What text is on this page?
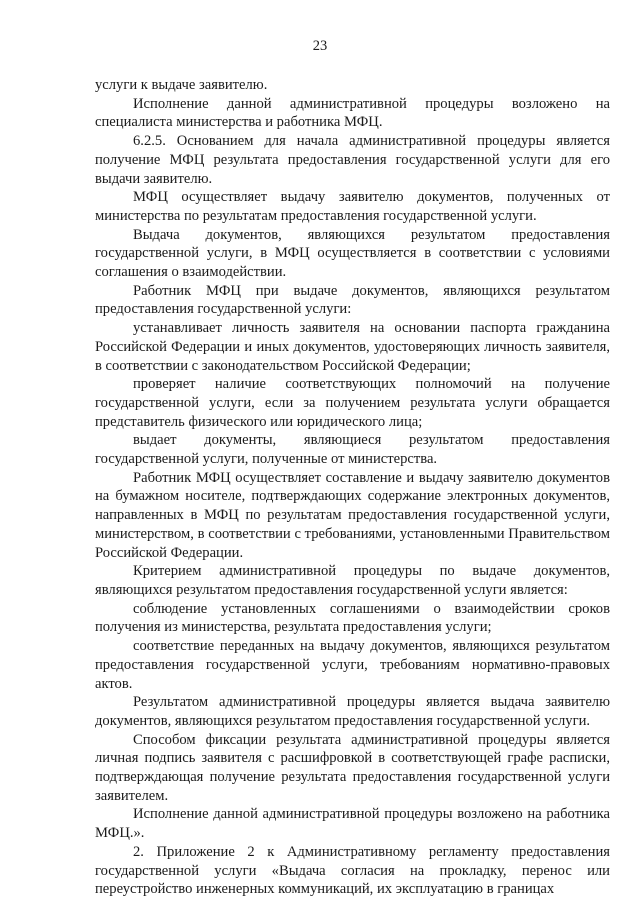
23

услуги к выдаче заявителю.

Исполнение данной административной процедуры возложено на специалиста министерства и работника МФЦ.

6.2.5. Основанием для начала административной процедуры является получение МФЦ результата предоставления государственной услуги для его выдачи заявителю.

МФЦ осуществляет выдачу заявителю документов, полученных от министерства по результатам предоставления государственной услуги.

Выдача документов, являющихся результатом предоставления государственной услуги, в МФЦ осуществляется в соответствии с условиями соглашения о взаимодействии.

Работник МФЦ при выдаче документов, являющихся результатом предоставления государственной услуги:

устанавливает личность заявителя на основании паспорта гражданина Российской Федерации и иных документов, удостоверяющих личность заявителя, в соответствии с законодательством Российской Федерации;

проверяет наличие соответствующих полномочий на получение государственной услуги, если за получением результата услуги обращается представитель физического или юридического лица;

выдает документы, являющиеся результатом предоставления государственной услуги, полученные от министерства.

Работник МФЦ осуществляет составление и выдачу заявителю документов на бумажном носителе, подтверждающих содержание электронных документов, направленных в МФЦ по результатам предоставления государственной услуги, министерством, в соответствии с требованиями, установленными Правительством Российской Федерации.

Критерием административной процедуры по выдаче документов, являющихся результатом предоставления государственной услуги является:

соблюдение установленных соглашениями о взаимодействии сроков получения из министерства, результата предоставления услуги;

соответствие переданных на выдачу документов, являющихся результатом предоставления государственной услуги, требованиям нормативно-правовых актов.

Результатом административной процедуры является выдача заявителю документов, являющихся результатом предоставления государственной услуги.

Способом фиксации результата административной процедуры является личная подпись заявителя с расшифровкой в соответствующей графе расписки, подтверждающая получение результата предоставления государственной услуги заявителем.

Исполнение данной административной процедуры возложено на работника МФЦ.».

2. Приложение 2 к Административному регламенту предоставления государственной услуги «Выдача согласия на прокладку, перенос или переустройство инженерных коммуникаций, их эксплуатацию в границах
